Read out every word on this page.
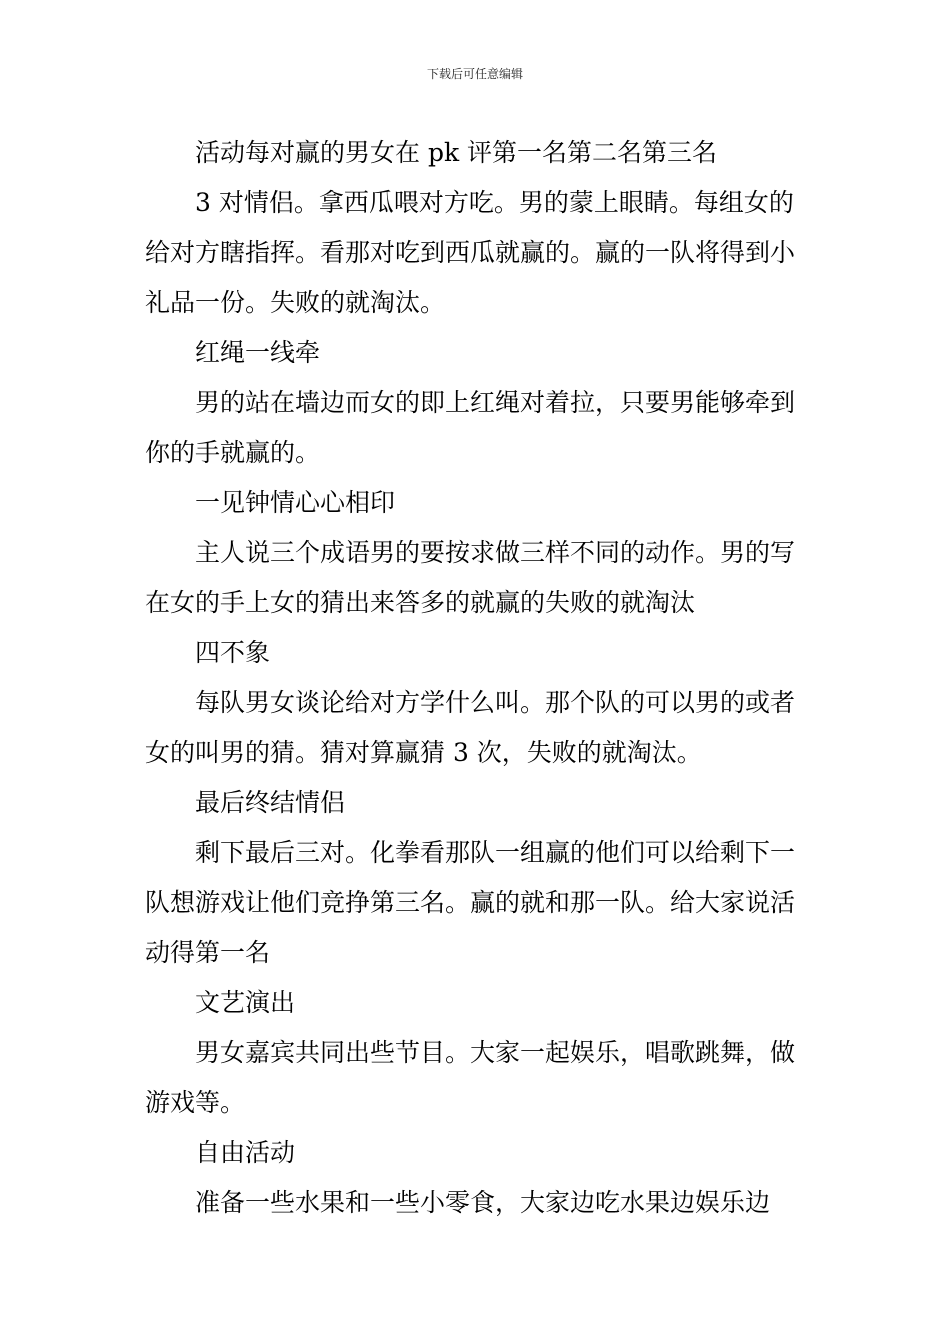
下载后可任意编辑

活动每对赢的男女在 pk 评第一名第二名第三名

3 对情侣。拿西瓜喂对方吃。男的蒙上眼睛。每组女的给对方瞎指挥。看那对吃到西瓜就赢的。赢的一队将得到小礼品一份。失败的就淘汰。

红绳一线牵

男的站在墙边而女的即上红绳对着拉，只要男能够牵到你的手就赢的。

一见钟情心心相印

主人说三个成语男的要按求做三样不同的动作。男的写在女的手上女的猜出来答多的就赢的失败的就淘汰

四不象

每队男女谈论给对方学什么叫。那个队的可以男的或者女的叫男的猜。猜对算赢猜 3 次，失败的就淘汰。

最后终结情侣

剩下最后三对。化拳看那队一组赢的他们可以给剩下一队想游戏让他们竞挣第三名。赢的就和那一队。给大家说活动得第一名

文艺演出

男女嘉宾共同出些节目。大家一起娱乐，唱歌跳舞，做游戏等。

自由活动

准备一些水果和一些小零食，大家边吃水果边娱乐边
